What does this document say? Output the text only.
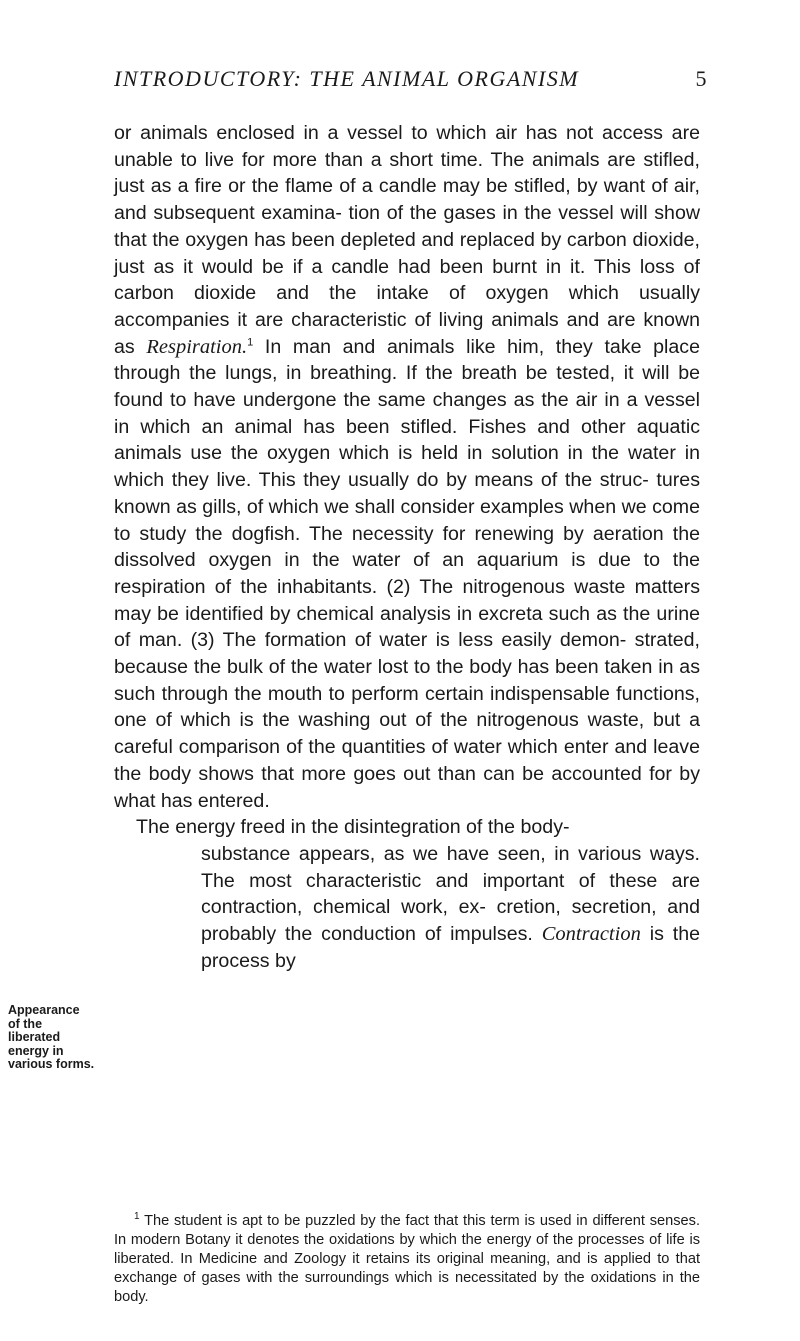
INTRODUCTORY: THE ANIMAL ORGANISM	5

or animals enclosed in a vessel to which air has not access are unable to live for more than a short time. The animals are stifled, just as a fire or the flame of a candle may be stifled, by want of air, and subsequent examina- tion of the gases in the vessel will show that the oxygen has been depleted and replaced by carbon dioxide, just as it would be if a candle had been burnt in it. This loss of carbon dioxide and the intake of oxygen which usually accompanies it are characteristic of living animals and are known as Respiration.$^1$ In man and animals like him, they take place through the lungs, in breathing. If the breath be tested, it will be found to have undergone the same changes as the air in a vessel in which an animal has been stifled. Fishes and other aquatic animals use the oxygen which is held in solution in the water in which they live. This they usually do by means of the struc- tures known as gills, of which we shall consider examples when we come to study the dogfish. The necessity for renewing by aeration the dissolved oxygen in the water of an aquarium is due to the respiration of the inhabitants. (2) The nitrogenous waste matters may be identified by chemical analysis in excreta such as the urine of man. (3) The formation of water is less easily demon- strated, because the bulk of the water lost to the body has been taken in as such through the mouth to perform certain indispensable functions, one of which is the washing out of the nitrogenous waste, but a careful comparison of the quantities of water which enter and leave the body shows that more goes out than can be accounted for by what has entered.

The energy freed in the disintegration of the body-

substance appears, as we have seen, in various ways. The most characteristic and important of these are contraction, chemical work, ex- cretion, secretion, and probably the conduction of impulses. Contraction is the process by

Appearance
of the
liberated
energy in
various forms.

$^1$ The student is apt to be puzzled by the fact that this term is used in different senses. In modern Botany it denotes the oxidations by which the energy of the processes of life is liberated. In Medicine and Zoology it retains its original meaning, and is applied to that exchange of gases with the surroundings which is necessitated by the oxidations in the body.
